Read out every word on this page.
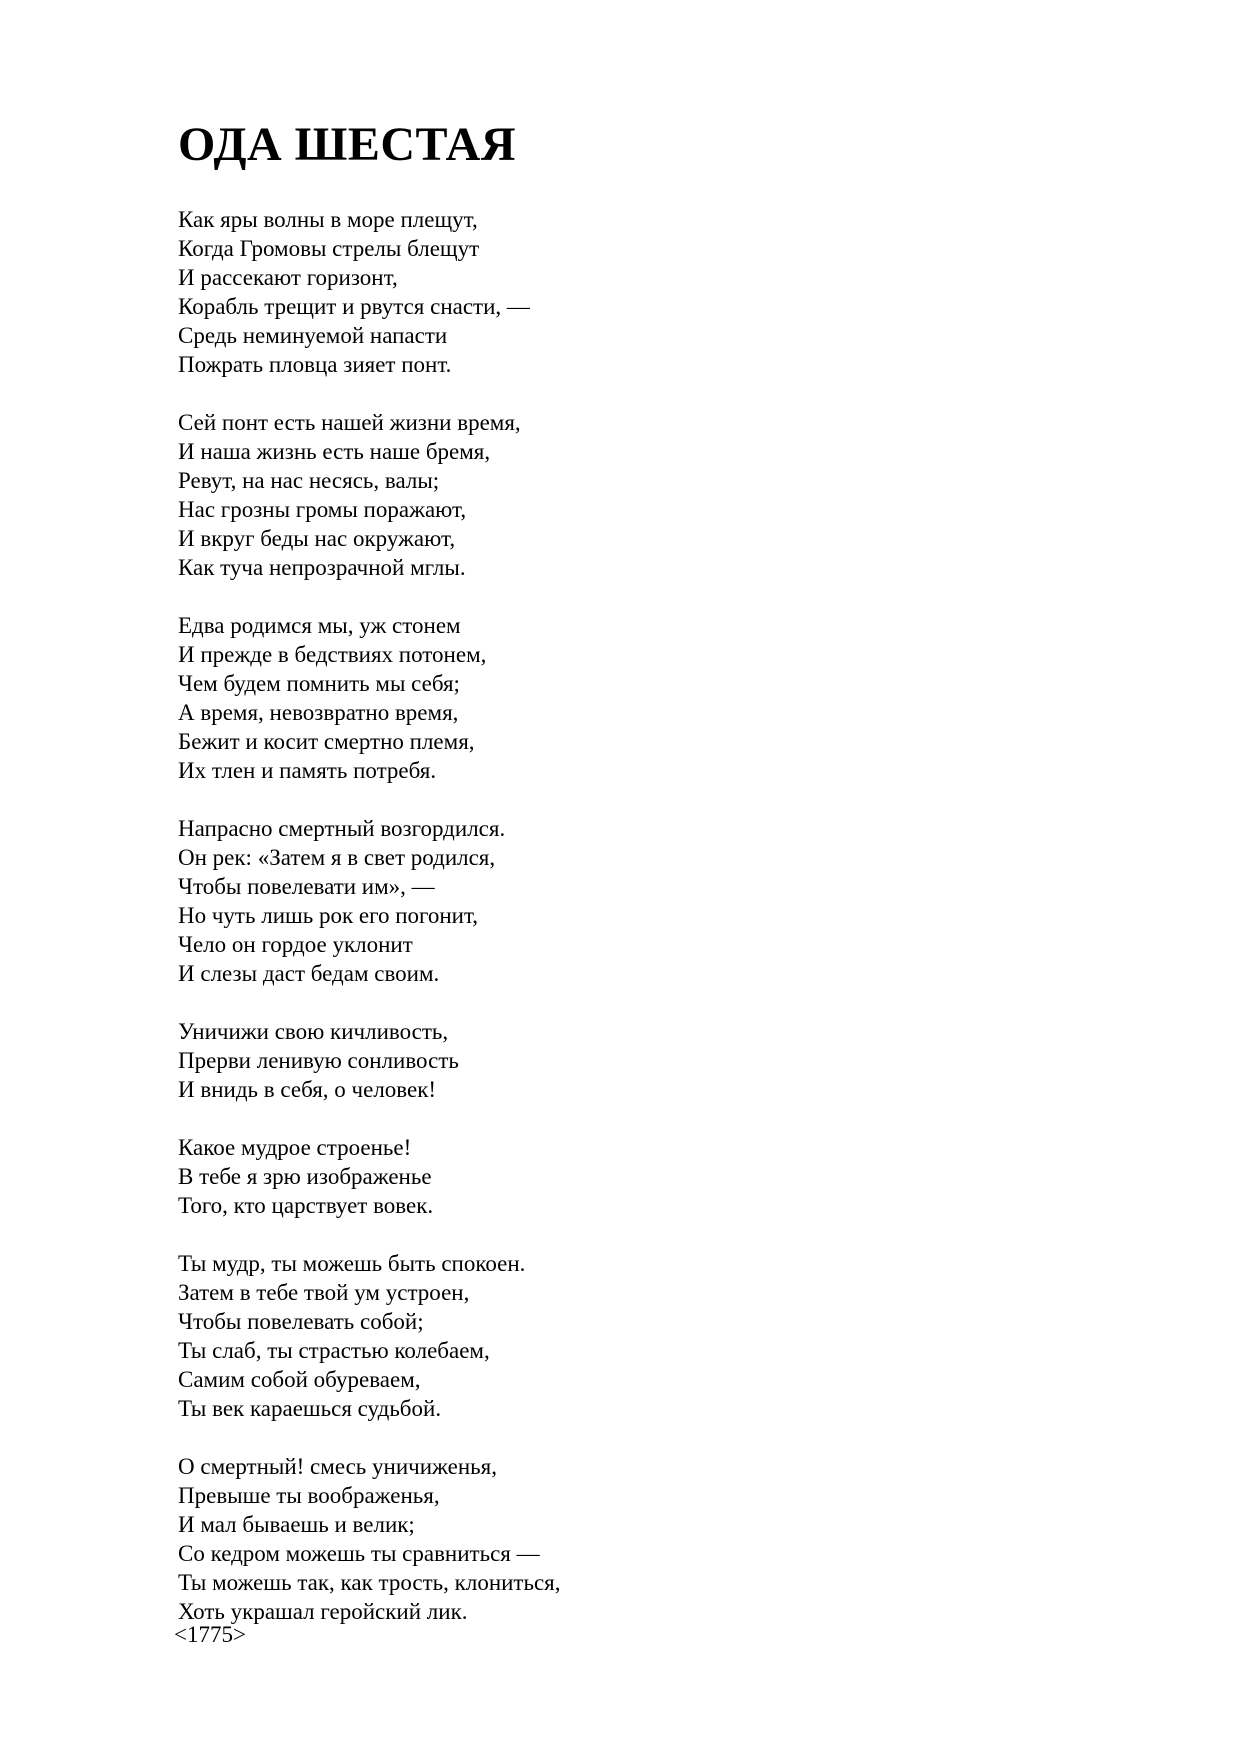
ОДА ШЕСТАЯ
Как яры волны в море плещут,
Когда Громовы стрелы блещут
И рассекают горизонт,
Корабль трещит и рвутся снасти, —
Средь неминуемой напасти
Пожрать пловца зияет понт.
Сей понт есть нашей жизни время,
И наша жизнь есть наше бремя,
Ревут, на нас несясь, валы;
Нас грозны громы поражают,
И вкруг беды нас окружают,
Как туча непрозрачной мглы.
Едва родимся мы, уж стонем
И прежде в бедствиях потонем,
Чем будем помнить мы себя;
А время, невозвратно время,
Бежит и косит смертно племя,
Их тлен и память потребя.
Напрасно смертный возгордился.
Он рек: «Затем я в свет родился,
Чтобы повелевати им», —
Но чуть лишь рок его погонит,
Чело он гордое уклонит
И слезы даст бедам своим.
Уничижи свою кичливость,
Прерви ленивую сонливость
И внидь в себя, о человек!
Какое мудрое строенье!
В тебе я зрю изображенье
Того, кто царствует вовек.
Ты мудр, ты можешь быть спокоен.
Затем в тебе твой ум устроен,
Чтобы повелевать собой;
Ты слаб, ты страстью колебаем,
Самим собой обуреваем,
Ты век караешься судьбой.
О смертный! смесь уничиженья,
Превыше ты воображенья,
И мал бываешь и велик;
Со кедром можешь ты сравниться —
Ты можешь так, как трость, клониться,
Хоть украшал геройский лик.
<1775>
